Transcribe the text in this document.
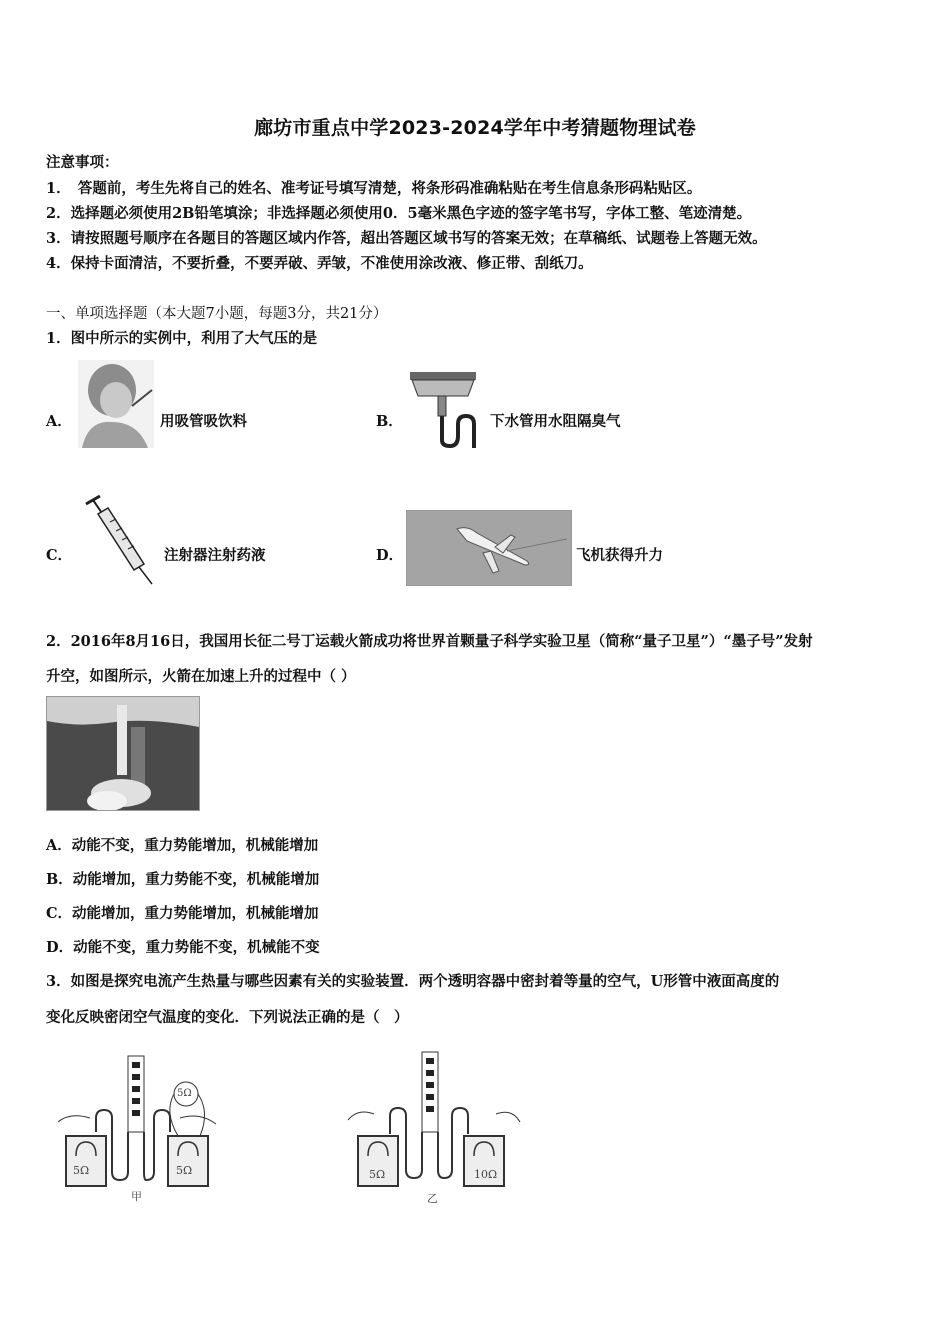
廊坊市重点中学2023-2024学年中考猜题物理试卷
注意事项：
1．　答题前，考生先将自己的姓名、准考证号填写清楚，将条形码准确粘贴在考生信息条形码粘贴区。
2．选择题必须使用2B铅笔填涂；非选择题必须使用0．5毫米黑色字迹的签字笔书写，字体工整、笔迹清楚。
3．请按照题号顺序在各题目的答题区域内作答，超出答题区域书写的答案无效；在草稿纸、试题卷上答题无效。
4．保持卡面清洁，不要折叠，不要弄破、弄皱，不准使用涂改液、修正带、刮纸刀。
一、单项选择题（本大题7小题，每题3分，共21分）
1．图中所示的实例中，利用了大气压的是
A．	用吸管吸饮料	B．	下水管用水阻隔臭气
C．	注射器注射药液	D．	飞机获得升力
2．2016年8月16日，我国用长征二号丁运载火箭成功将世界首颗量子科学实验卫星（简称“量子卫星”）“墨子号”发射
升空，如图所示，火箭在加速上升的过程中（ ）
A．动能不变，重力势能增加，机械能增加
B．动能增加，重力势能不变，机械能增加
C．动能增加，重力势能增加，机械能增加
D．动能不变，重力势能不变，机械能不变
3．如图是探究电流产生热量与哪些因素有关的实验装置．两个透明容器中密封着等量的空气，U形管中液面高度的
变化反映密闭空气温度的变化．下列说法正确的是（　）
5Ω	5Ω
5Ω
甲
5Ω	10Ω
乙
